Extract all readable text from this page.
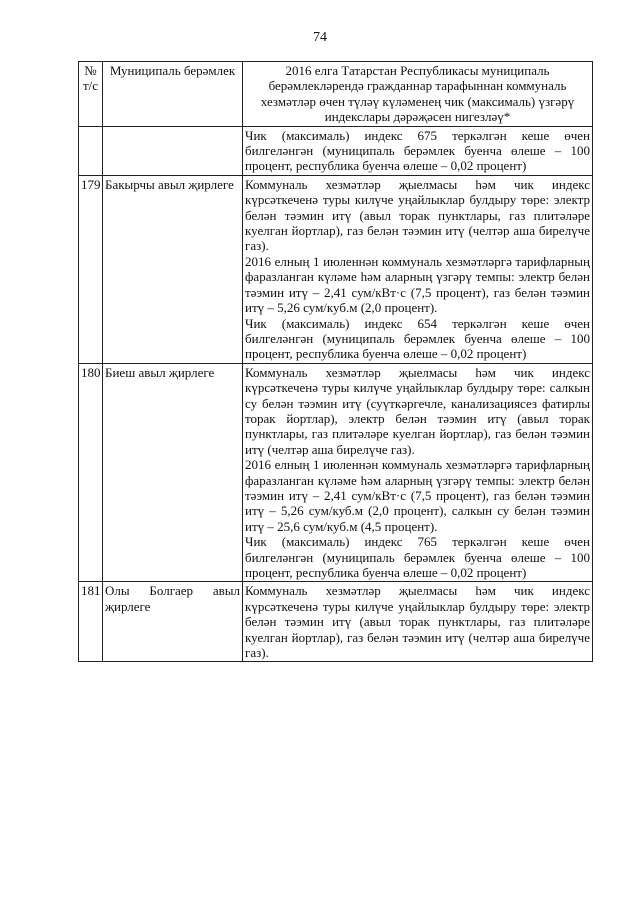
74
№ т/с	Муниципаль берәмлек	2016 елга Татарстан Республикасы муниципаль берәмлекләрендә гражданнар тарафыннан коммуналь хезмәтләр өчен түләү күләменең чик (максималь) үзгәрү индекслары дәрәҗәсен нигезләү*

		Чик (максималь) индекс 675 теркәлгән кеше өчен билгеләнгән (муниципаль берәмлек буенча өлеше – 100 процент, республика буенча өлеше – 0,02 процент)

179	Бакырчы авыл җирлеге	Коммуналь хезмәтләр җыелмасы һәм чик индекс күрсәткеченә туры килүче уңайлыклар булдыру төре: электр белән тәэмин итү (авыл торак пунктлары, газ плитәләре куелган йортлар), газ белән тәэмин итү (челтәр аша бирелүче газ).
2016 елның 1 июленнән коммуналь хезмәтләргә тарифларның фаразланган күләме һәм аларның үзгәрү темпы: электр белән тәэмин итү – 2,41 сум/кВт·с (7,5 процент), газ белән тәэмин итү – 5,26 сум/куб.м (2,0 процент).
Чик (максималь) индекс 654 теркәлгән кеше өчен билгеләнгән (муниципаль берәмлек буенча өлеше – 100 процент, республика буенча өлеше – 0,02 процент)

180	Биеш авыл җирлеге	Коммуналь хезмәтләр җыелмасы һәм чик индекс күрсәткеченә туры килүче уңайлыклар булдыру төре: салкын су белән тәэмин итү (суүткәргечле, канализациясез фатирлы торак йортлар), электр белән тәэмин итү (авыл торак пунктлары, газ плитәләре куелган йортлар), газ белән тәэмин итү (челтәр аша бирелүче газ).
2016 елның 1 июленнән коммуналь хезмәтләргә тарифларның фаразланган күләме һәм аларның үзгәрү темпы: электр белән тәэмин итү – 2,41 сум/кВт·с (7,5 процент), газ белән тәэмин итү – 5,26 сум/куб.м (2,0 процент), салкын су белән тәэмин итү – 25,6 сум/куб.м (4,5 процент).
Чик (максималь) индекс 765 теркәлгән кеше өчен билгеләнгән (муниципаль берәмлек буенча өлеше – 100 процент, республика буенча өлеше – 0,02 процент)

181	Олы Болгаер авыл җирлеге	Коммуналь хезмәтләр җыелмасы һәм чик индекс күрсәткеченә туры килүче уңайлыклар булдыру төре: электр белән тәэмин итү (авыл торак пунктлары, газ плитәләре куелган йортлар), газ белән тәэмин итү (челтәр аша бирелүче газ).
